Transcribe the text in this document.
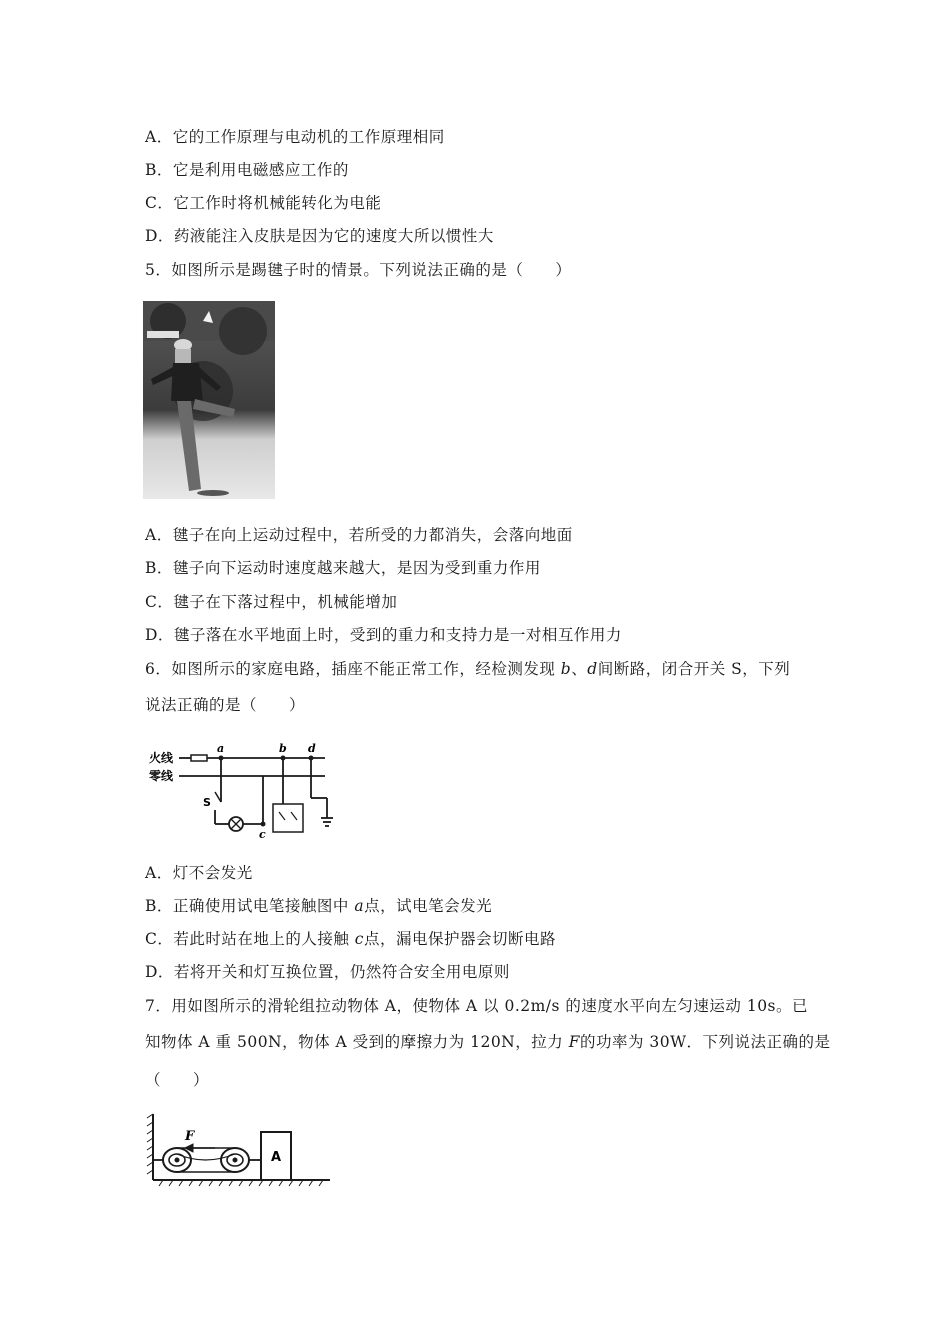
A．它的工作原理与电动机的工作原理相同
B．它是利用电磁感应工作的
C．它工作时将机械能转化为电能
D．药液能注入皮肤是因为它的速度大所以惯性大
5．如图所示是踢毽子时的情景。下列说法正确的是（　　）
A．毽子在向上运动过程中，若所受的力都消失，会落向地面
B．毽子向下运动时速度越来越大，是因为受到重力作用
C．毽子在下落过程中，机械能增加
D．毽子落在水平地面上时，受到的重力和支持力是一对相互作用力
6．如图所示的家庭电路，插座不能正常工作，经检测发现 b、d间断路，闭合开关 S，下列
说法正确的是（　　）
火线
零线
a	b d
c
S
A．灯不会发光
B．正确使用试电笔接触图中 a点，试电笔会发光
C．若此时站在地上的人接触 c点，漏电保护器会切断电路
D．若将开关和灯互换位置，仍然符合安全用电原则
7．用如图所示的滑轮组拉动物体 A，使物体 A 以 0.2m/s 的速度水平向左匀速运动 10s。已
知物体 A 重 500N，物体 A 受到的摩擦力为 120N，拉力 F的功率为 30W．下列说法正确的是
（　　）
F
A
